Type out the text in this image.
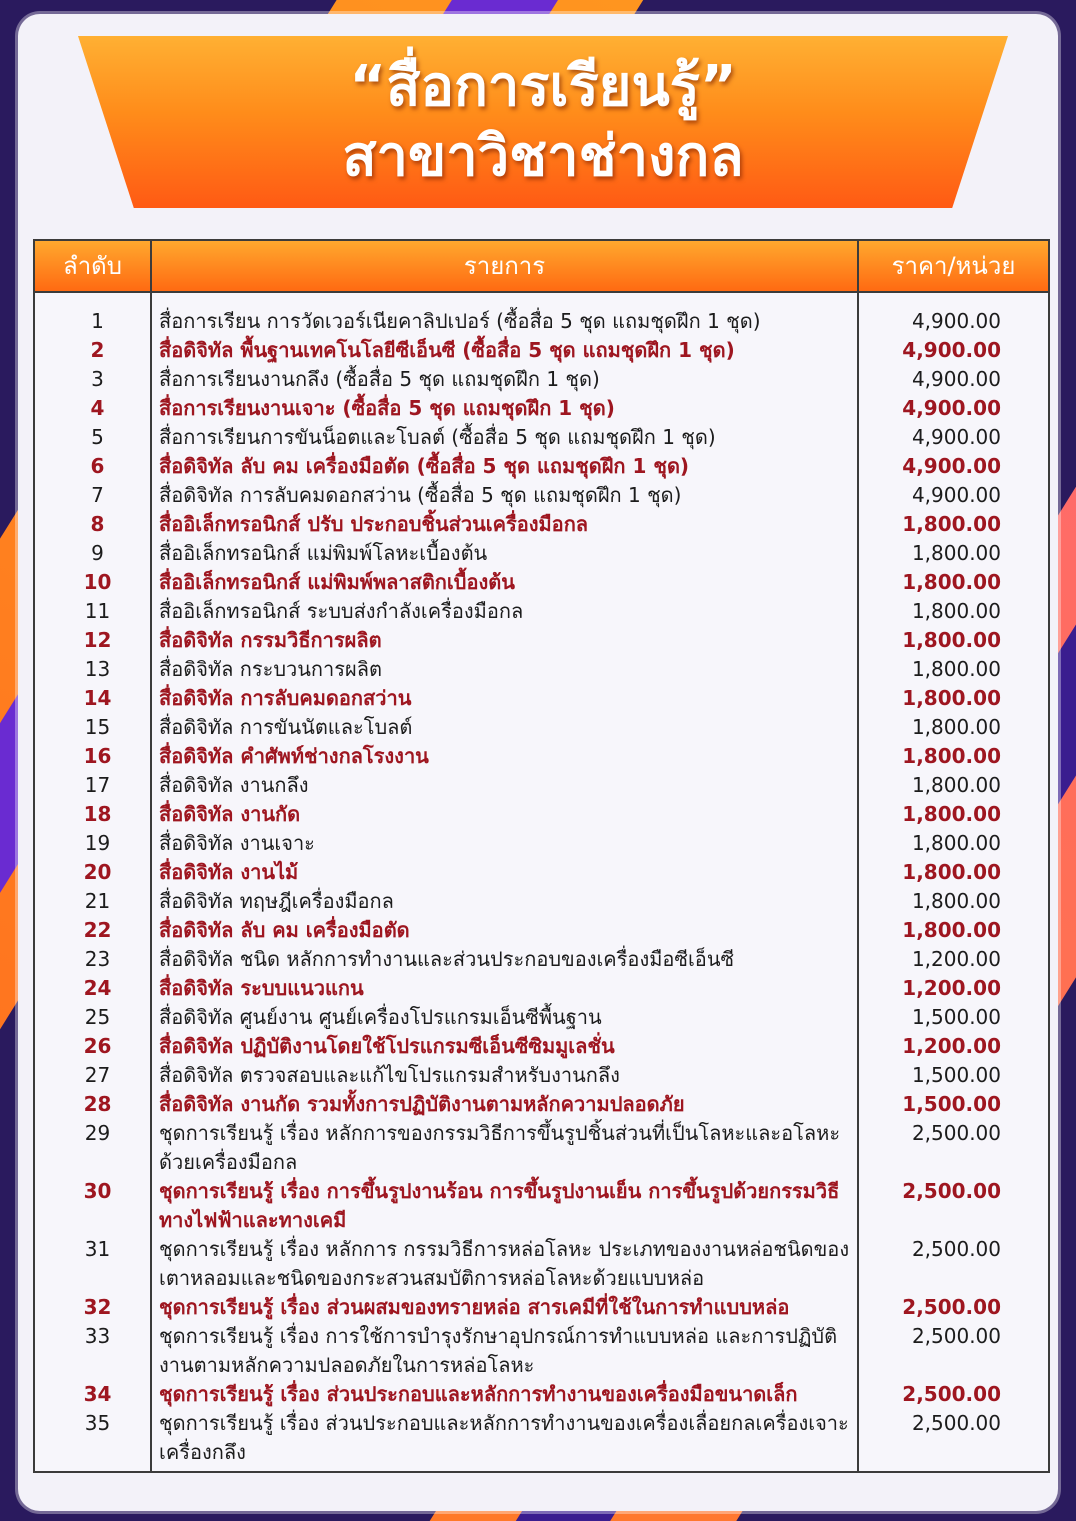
“สื่อการเรียนรู้”
สาขาวิชาช่างกล
ลำดับ	รายการ	ราคา/หน่วย
1	สื่อการเรียน การวัดเวอร์เนียคาลิปเปอร์ (ซื้อสื่อ 5 ชุด แถมชุดฝึก 1 ชุด)	4,900.00
2	สื่อดิจิทัล พื้นฐานเทคโนโลยีซีเอ็นซี (ซื้อสื่อ 5 ชุด แถมชุดฝึก 1 ชุด)	4,900.00
3	สื่อการเรียนงานกลึง (ซื้อสื่อ 5 ชุด แถมชุดฝึก 1 ชุด)	4,900.00
4	สื่อการเรียนงานเจาะ (ซื้อสื่อ 5 ชุด แถมชุดฝึก 1 ชุด)	4,900.00
5	สื่อการเรียนการขันน็อตและโบลต์ (ซื้อสื่อ 5 ชุด แถมชุดฝึก 1 ชุด)	4,900.00
6	สื่อดิจิทัล ลับ คม เครื่องมือตัด (ซื้อสื่อ 5 ชุด แถมชุดฝึก 1 ชุด)	4,900.00
7	สื่อดิจิทัล การลับคมดอกสว่าน (ซื้อสื่อ 5 ชุด แถมชุดฝึก 1 ชุด)	4,900.00
8	สื่ออิเล็กทรอนิกส์ ปรับ ประกอบชิ้นส่วนเครื่องมือกล	1,800.00
9	สื่ออิเล็กทรอนิกส์ แม่พิมพ์โลหะเบื้องต้น	1,800.00
10	สื่ออิเล็กทรอนิกส์ แม่พิมพ์พลาสติกเบื้องต้น	1,800.00
11	สื่ออิเล็กทรอนิกส์ ระบบส่งกำลังเครื่องมือกล	1,800.00
12	สื่อดิจิทัล กรรมวิธีการผลิต	1,800.00
13	สื่อดิจิทัล กระบวนการผลิต	1,800.00
14	สื่อดิจิทัล การลับคมดอกสว่าน	1,800.00
15	สื่อดิจิทัล การขันนัตและโบลต์	1,800.00
16	สื่อดิจิทัล คำศัพท์ช่างกลโรงงาน	1,800.00
17	สื่อดิจิทัล งานกลึง	1,800.00
18	สื่อดิจิทัล งานกัด	1,800.00
19	สื่อดิจิทัล งานเจาะ	1,800.00
20	สื่อดิจิทัล งานไม้	1,800.00
21	สื่อดิจิทัล ทฤษฎีเครื่องมือกล	1,800.00
22	สื่อดิจิทัล ลับ คม เครื่องมือตัด	1,800.00
23	สื่อดิจิทัล ชนิด หลักการทำงานและส่วนประกอบของเครื่องมือซีเอ็นซี	1,200.00
24	สื่อดิจิทัล ระบบแนวแกน	1,200.00
25	สื่อดิจิทัล ศูนย์งาน ศูนย์เครื่องโปรแกรมเอ็นซีพื้นฐาน	1,500.00
26	สื่อดิจิทัล ปฏิบัติงานโดยใช้โปรแกรมซีเอ็นซีซิมมูเลชั่น	1,200.00
27	สื่อดิจิทัล ตรวจสอบและแก้ไขโปรแกรมสำหรับงานกลึง	1,500.00
28	สื่อดิจิทัล งานกัด รวมทั้งการปฏิบัติงานตามหลักความปลอดภัย	1,500.00
29	ชุดการเรียนรู้ เรื่อง หลักการของกรรมวิธีการขึ้นรูปชิ้นส่วนที่เป็นโลหะและอโลหะด้วยเครื่องมือกล
2,500.00
30	ชุดการเรียนรู้ เรื่อง การขึ้นรูปงานร้อน การขึ้นรูปงานเย็น การขึ้นรูปด้วยกรรมวิธีทางไฟฟ้าและทางเคมี
2,500.00
31	ชุดการเรียนรู้ เรื่อง หลักการ กรรมวิธีการหล่อโลหะ ประเภทของงานหล่อชนิดของเตาหลอมและชนิดของกระสวนสมบัติการหล่อโลหะด้วยแบบหล่อ
2,500.00
32	ชุดการเรียนรู้ เรื่อง ส่วนผสมของทรายหล่อ สารเคมีที่ใช้ในการทำแบบหล่อ	2,500.00
33	ชุดการเรียนรู้ เรื่อง การใช้การบำรุงรักษาอุปกรณ์การทำแบบหล่อ และการปฏิบัติงานตามหลักความปลอดภัยในการหล่อโลหะ
2,500.00
34	ชุดการเรียนรู้ เรื่อง ส่วนประกอบและหลักการทำงานของเครื่องมือขนาดเล็ก	2,500.00
35	ชุดการเรียนรู้ เรื่อง ส่วนประกอบและหลักการทำงานของเครื่องเลื่อยกลเครื่องเจาะ เครื่องกลึง
2,500.00
